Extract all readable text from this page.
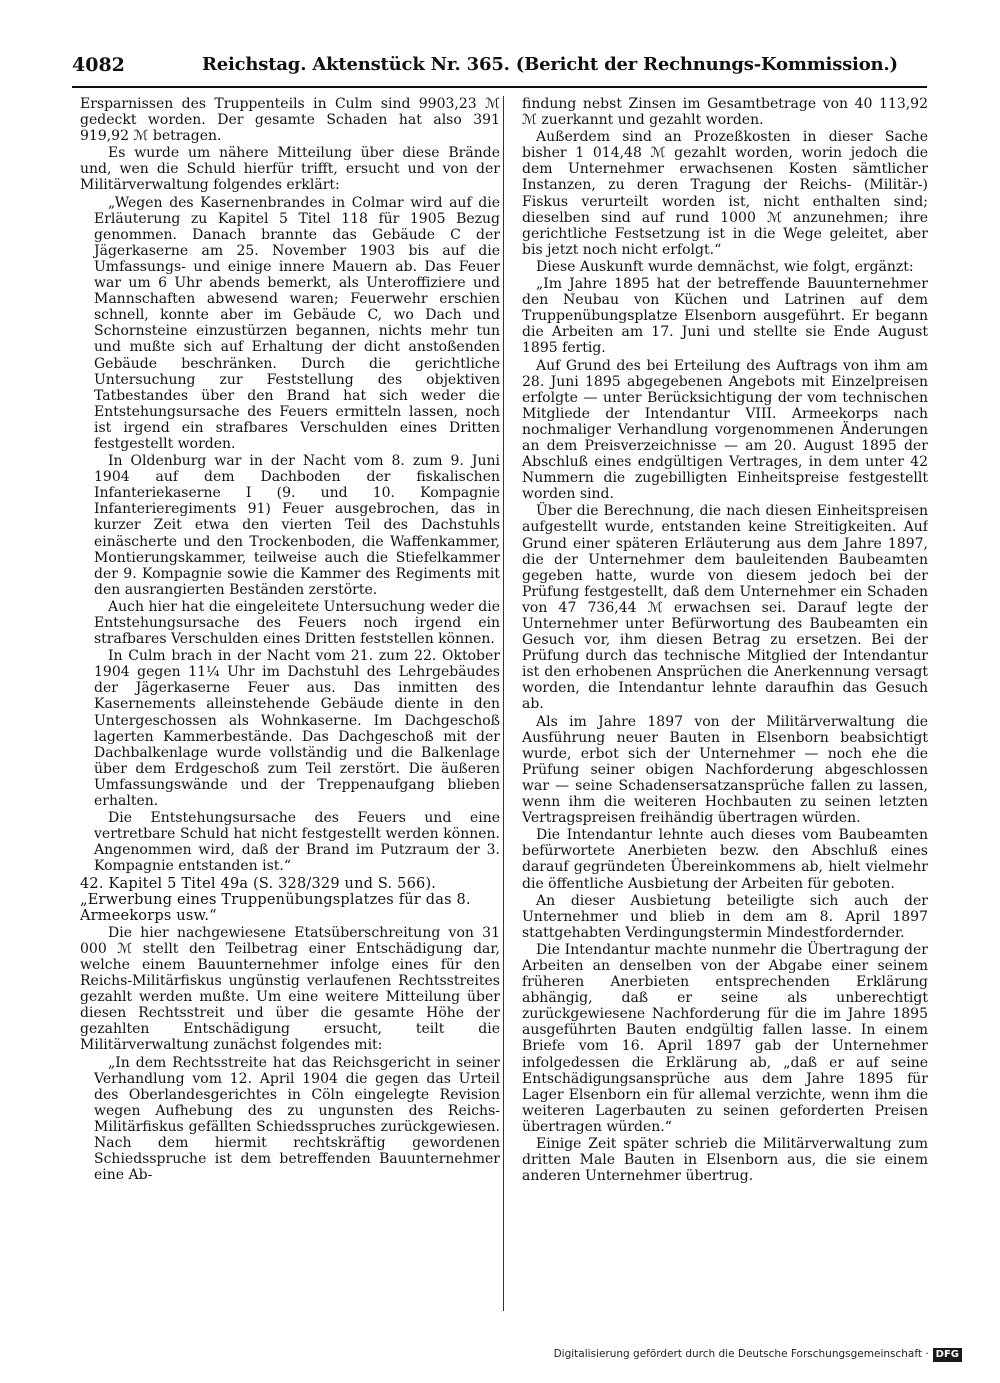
4082	Reichstag. Aktenstück Nr. 365. (Bericht der Rechnungs-Kommission.)

Ersparnissen des Truppenteils in Culm sind 9903,23 ℳ gedeckt worden. Der gesamte Schaden hat also 391 919,92 ℳ betragen.

Es wurde um nähere Mitteilung über diese Brände und, wen die Schuld hierfür trifft, ersucht und von der Militärverwaltung folgendes erklärt:

„Wegen des Kasernenbrandes in Colmar wird auf die Erläuterung zu Kapitel 5 Titel 118 für 1905 Bezug genommen. Danach brannte das Gebäude C der Jägerkaserne am 25. November 1903 bis auf die Umfassungs- und einige innere Mauern ab. Das Feuer war um 6 Uhr abends bemerkt, als Unteroffiziere und Mannschaften abwesend waren; Feuerwehr erschien schnell, konnte aber im Gebäude C, wo Dach und Schornsteine einzustürzen begannen, nichts mehr tun und mußte sich auf Erhaltung der dicht anstoßenden Gebäude beschränken. Durch die gerichtliche Untersuchung zur Feststellung des objektiven Tatbestandes über den Brand hat sich weder die Entstehungsursache des Feuers ermitteln lassen, noch ist irgend ein strafbares Verschulden eines Dritten festgestellt worden.

In Oldenburg war in der Nacht vom 8. zum 9. Juni 1904 auf dem Dachboden der fiskalischen Infanteriekaserne I (9. und 10. Kompagnie Infanterieregiments 91) Feuer ausgebrochen, das in kurzer Zeit etwa den vierten Teil des Dachstuhls einäscherte und den Trockenboden, die Waffenkammer, Montierungskammer, teilweise auch die Stiefelkammer der 9. Kompagnie sowie die Kammer des Regiments mit den ausrangierten Beständen zerstörte.

Auch hier hat die eingeleitete Untersuchung weder die Entstehungsursache des Feuers noch irgend ein strafbares Verschulden eines Dritten feststellen können.

In Culm brach in der Nacht vom 21. zum 22. Oktober 1904 gegen 11¼ Uhr im Dachstuhl des Lehrgebäudes der Jägerkaserne Feuer aus. Das inmitten des Kasernements alleinstehende Gebäude diente in den Untergeschossen als Wohnkaserne. Im Dachgeschoß lagerten Kammerbestände. Das Dachgeschoß mit der Dachbalkenlage wurde vollständig und die Balkenlage über dem Erdgeschoß zum Teil zerstört. Die äußeren Umfassungswände und der Treppenaufgang blieben erhalten.

Die Entstehungsursache des Feuers und eine vertretbare Schuld hat nicht festgestellt werden können. Angenommen wird, daß der Brand im Putzraum der 3. Kompagnie entstanden ist.“

42. Kapitel 5 Titel 49a (S. 328/329 und S. 566). „Erwerbung eines Truppenübungsplatzes für das 8. Armeekorps usw.“

Die hier nachgewiesene Etatsüberschreitung von 31 000 ℳ stellt den Teilbetrag einer Entschädigung dar, welche einem Bauunternehmer infolge eines für den Reichs-Militärfiskus ungünstig verlaufenen Rechtsstreites gezahlt werden mußte. Um eine weitere Mitteilung über diesen Rechtsstreit und über die gesamte Höhe der gezahlten Entschädigung ersucht, teilt die Militärverwaltung zunächst folgendes mit:

„In dem Rechtsstreite hat das Reichsgericht in seiner Verhandlung vom 12. April 1904 die gegen das Urteil des Oberlandesgerichtes in Cöln eingelegte Revision wegen Aufhebung des zu ungunsten des Reichs-Militärfiskus gefällten Schiedsspruches zurückgewiesen. Nach dem hiermit rechtskräftig gewordenen Schiedsspruche ist dem betreffenden Bauunternehmer eine Ab-

findung nebst Zinsen im Gesamtbetrage von 40 113,92 ℳ zuerkannt und gezahlt worden.

Außerdem sind an Prozeßkosten in dieser Sache bisher 1 014,48 ℳ gezahlt worden, worin jedoch die dem Unternehmer erwachsenen Kosten sämtlicher Instanzen, zu deren Tragung der Reichs- (Militär-) Fiskus verurteilt worden ist, nicht enthalten sind; dieselben sind auf rund 1000 ℳ anzunehmen; ihre gerichtliche Festsetzung ist in die Wege geleitet, aber bis jetzt noch nicht erfolgt.“

Diese Auskunft wurde demnächst, wie folgt, ergänzt:

„Im Jahre 1895 hat der betreffende Bauunternehmer den Neubau von Küchen und Latrinen auf dem Truppenübungsplatze Elsenborn ausgeführt. Er begann die Arbeiten am 17. Juni und stellte sie Ende August 1895 fertig.

Auf Grund des bei Erteilung des Auftrags von ihm am 28. Juni 1895 abgegebenen Angebots mit Einzelpreisen erfolgte — unter Berücksichtigung der vom technischen Mitgliede der Intendantur VIII. Armeekorps nach nochmaliger Verhandlung vorgenommenen Änderungen an dem Preisverzeichnisse — am 20. August 1895 der Abschluß eines endgültigen Vertrages, in dem unter 42 Nummern die zugebilligten Einheitspreise festgestellt worden sind.

Über die Berechnung, die nach diesen Einheitspreisen aufgestellt wurde, entstanden keine Streitigkeiten. Auf Grund einer späteren Erläuterung aus dem Jahre 1897, die der Unternehmer dem bauleitenden Baubeamten gegeben hatte, wurde von diesem jedoch bei der Prüfung festgestellt, daß dem Unternehmer ein Schaden von 47 736,44 ℳ erwachsen sei. Darauf legte der Unternehmer unter Befürwortung des Baubeamten ein Gesuch vor, ihm diesen Betrag zu ersetzen. Bei der Prüfung durch das technische Mitglied der Intendantur ist den erhobenen Ansprüchen die Anerkennung versagt worden, die Intendantur lehnte daraufhin das Gesuch ab.

Als im Jahre 1897 von der Militärverwaltung die Ausführung neuer Bauten in Elsenborn beabsichtigt wurde, erbot sich der Unternehmer — noch ehe die Prüfung seiner obigen Nachforderung abgeschlossen war — seine Schadensersatzansprüche fallen zu lassen, wenn ihm die weiteren Hochbauten zu seinen letzten Vertragspreisen freihändig übertragen würden.

Die Intendantur lehnte auch dieses vom Baubeamten befürwortete Anerbieten bezw. den Abschluß eines darauf gegründeten Übereinkommens ab, hielt vielmehr die öffentliche Ausbietung der Arbeiten für geboten.

An dieser Ausbietung beteiligte sich auch der Unternehmer und blieb in dem am 8. April 1897 stattgehabten Verdingungstermin Mindestfordernder.

Die Intendantur machte nunmehr die Übertragung der Arbeiten an denselben von der Abgabe einer seinem früheren Anerbieten entsprechenden Erklärung abhängig, daß er seine als unberechtigt zurückgewiesene Nachforderung für die im Jahre 1895 ausgeführten Bauten endgültig fallen lasse. In einem Briefe vom 16. April 1897 gab der Unternehmer infolgedessen die Erklärung ab, „daß er auf seine Entschädigungsansprüche aus dem Jahre 1895 für Lager Elsenborn ein für allemal verzichte, wenn ihm die weiteren Lagerbauten zu seinen geforderten Preisen übertragen würden.“

Einige Zeit später schrieb die Militärverwaltung zum dritten Male Bauten in Elsenborn aus, die sie einem anderen Unternehmer übertrug.

Digitalisierung gefördert durch die Deutsche Forschungsgemeinschaft · DFG
